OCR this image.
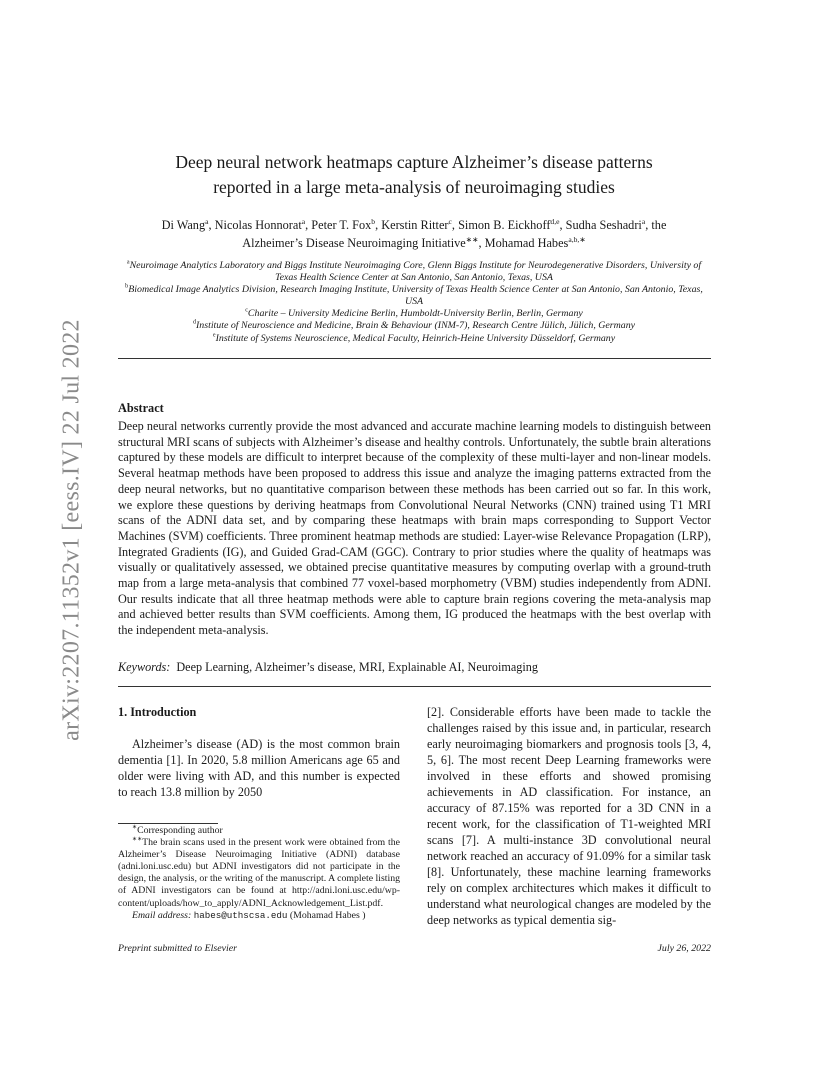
arXiv:2207.11352v1 [eess.IV] 22 Jul 2022
Deep neural network heatmaps capture Alzheimer’s disease patterns
reported in a large meta-analysis of neuroimaging studies
Di Wang$^a$, Nicolas Honnorat$^a$, Peter T. Fox$^b$, Kerstin Ritter$^c$, Simon B. Eickhoff$^{d,e}$, Sudha Seshadri$^a$, the
Alzheimer’s Disease Neuroimaging Initiative∗∗, Mohamad Habes$^{a,b,∗}$
$^a$Neuroimage Analytics Laboratory and Biggs Institute Neuroimaging Core, Glenn Biggs Institute for Neurodegenerative Disorders, University of Texas Health Science Center at San Antonio, San Antonio, Texas, USA
$^b$Biomedical Image Analytics Division, Research Imaging Institute, University of Texas Health Science Center at San Antonio, San Antonio, Texas, USA
$^c$Charite – University Medicine Berlin, Humboldt-University Berlin, Berlin, Germany
$^d$Institute of Neuroscience and Medicine, Brain & Behaviour (INM-7), Research Centre Jülich, Jülich, Germany
$^e$Institute of Systems Neuroscience, Medical Faculty, Heinrich-Heine University Düsseldorf, Germany
Abstract
Deep neural networks currently provide the most advanced and accurate machine learning models to distinguish between structural MRI scans of subjects with Alzheimer’s disease and healthy controls. Unfortunately, the subtle brain alterations captured by these models are difficult to interpret because of the complexity of these multi-layer and non-linear models. Several heatmap methods have been proposed to address this issue and analyze the imaging patterns extracted from the deep neural networks, but no quantitative comparison between these methods has been carried out so far. In this work, we explore these questions by deriving heatmaps from Convolutional Neural Networks (CNN) trained using T1 MRI scans of the ADNI data set, and by comparing these heatmaps with brain maps corresponding to Support Vector Machines (SVM) coefficients. Three prominent heatmap methods are studied: Layer-wise Relevance Propagation (LRP), Integrated Gradients (IG), and Guided Grad-CAM (GGC). Contrary to prior studies where the quality of heatmaps was visually or qualitatively assessed, we obtained precise quantitative measures by computing overlap with a ground-truth map from a large meta-analysis that combined 77 voxel-based morphometry (VBM) studies independently from ADNI. Our results indicate that all three heatmap methods were able to capture brain regions covering the meta-analysis map and achieved better results than SVM coefficients. Among them, IG produced the heatmaps with the best overlap with the independent meta-analysis.
Keywords: Deep Learning, Alzheimer’s disease, MRI, Explainable AI, Neuroimaging
1. Introduction

Alzheimer’s disease (AD) is the most common brain dementia [1]. In 2020, 5.8 million Americans age 65 and older were living with AD, and this number is expected to reach 13.8 million by 2050

∗Corresponding author

∗∗The brain scans used in the present work were obtained from the Alzheimer’s Disease Neuroimaging Initiative (ADNI) database (adni.loni.usc.edu) but ADNI investigators did not participate in the design, the analysis, or the writing of the manuscript. A complete listing of ADNI investigators can be found at http://adni.loni.usc.edu/wp-content/uploads/how_to_apply/ADNI_Acknowledgement_List.pdf.

Email address: habes@uthscsa.edu (Mohamad Habes )

[2]. Considerable efforts have been made to tackle the challenges raised by this issue and, in particular, research early neuroimaging biomarkers and prognosis tools [3, 4, 5, 6]. The most recent Deep Learning frameworks were involved in these efforts and showed promising achievements in AD classification. For instance, an accuracy of 87.15% was reported for a 3D CNN in a recent work, for the classification of T1-weighted MRI scans [7]. A multi-instance 3D convolutional neural network reached an accuracy of 91.09% for a similar task [8]. Unfortunately, these machine learning frameworks rely on complex architectures which makes it difficult to understand what neurological changes are modeled by the deep networks as typical dementia sig-
Preprint submitted to Elsevier	July 26, 2022
